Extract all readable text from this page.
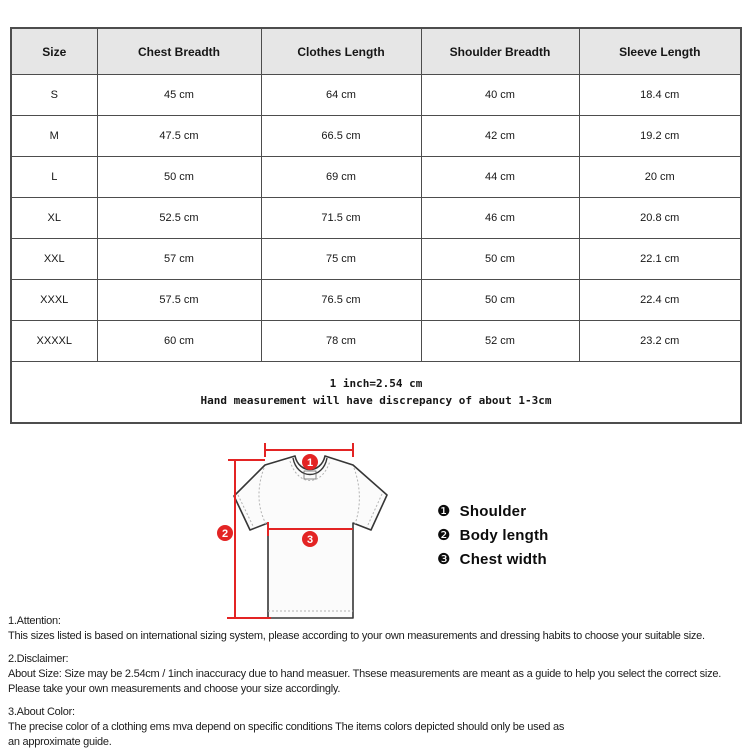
Size	Chest Breadth	Clothes Length	Shoulder Breadth	Sleeve Length
S	45 cm	64 cm	40 cm	18.4 cm
M	47.5 cm	66.5 cm	42 cm	19.2 cm
L	50 cm	69 cm	44 cm	20 cm
XL	52.5 cm	71.5 cm	46 cm	20.8 cm
XXL	57 cm	75 cm	50 cm	22.1 cm
XXXL	57.5 cm	76.5 cm	50 cm	22.4 cm
XXXXL	60 cm	78 cm	52 cm	23.2 cm

1 inch=2.54 cm
Hand measurement will have discrepancy of about 1-3cm				
1
2	3
❶ Shoulder
❷ Body length
❸ Chest width
1.Attention:
This sizes listed is based on international sizing system, please according to your own measurements and dressing habits to choose your suitable size.
2.Disclaimer:
About Size: Size may be 2.54cm / 1inch inaccuracy due to hand measuer. Thsese measurements are meant as a guide to help you select the correct size.
Please take your own measurements and choose your size accordingly.
3.About Color:
The precise color of a clothing ems mva depend on specific conditions The items colors depicted should only be used as
an approximate guide.
